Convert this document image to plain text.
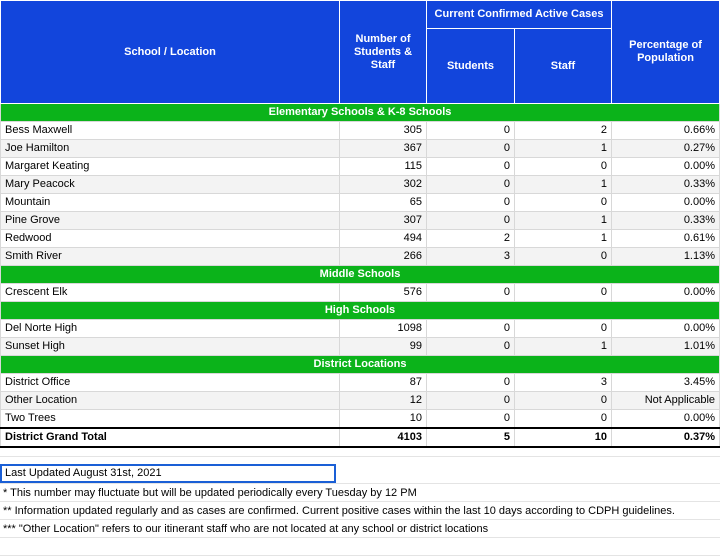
School / Location	Number of Students & Staff	Current Confirmed Active Cases		Percentage of Population
		Students	Staff	
Elementary Schools & K-8 Schools				
Bess Maxwell	305	0	2	0.66%
Joe Hamilton	367	0	1	0.27%
Margaret Keating	115	0	0	0.00%
Mary Peacock	302	0	1	0.33%
Mountain	65	0	0	0.00%
Pine Grove	307	0	1	0.33%
Redwood	494	2	1	0.61%
Smith River	266	3	0	1.13%
Middle Schools				
Crescent Elk	576	0	0	0.00%
High Schools				
Del Norte High	1098	0	0	0.00%
Sunset High	99	0	1	1.01%
District Locations				
District Office	87	0	3	3.45%
Other Location	12	0	0	Not Applicable
Two Trees	10	0	0	0.00%
District Grand Total	4103	5	10	0.37%
Last Updated August 31st, 2021
* This number may fluctuate but will be updated periodically every Tuesday by 12 PM
** Information updated regularly and as cases are confirmed. Current positive cases within the last 10 days according to CDPH guidelines.
*** "Other Location" refers to our itinerant staff who are not located at any school or district locations
